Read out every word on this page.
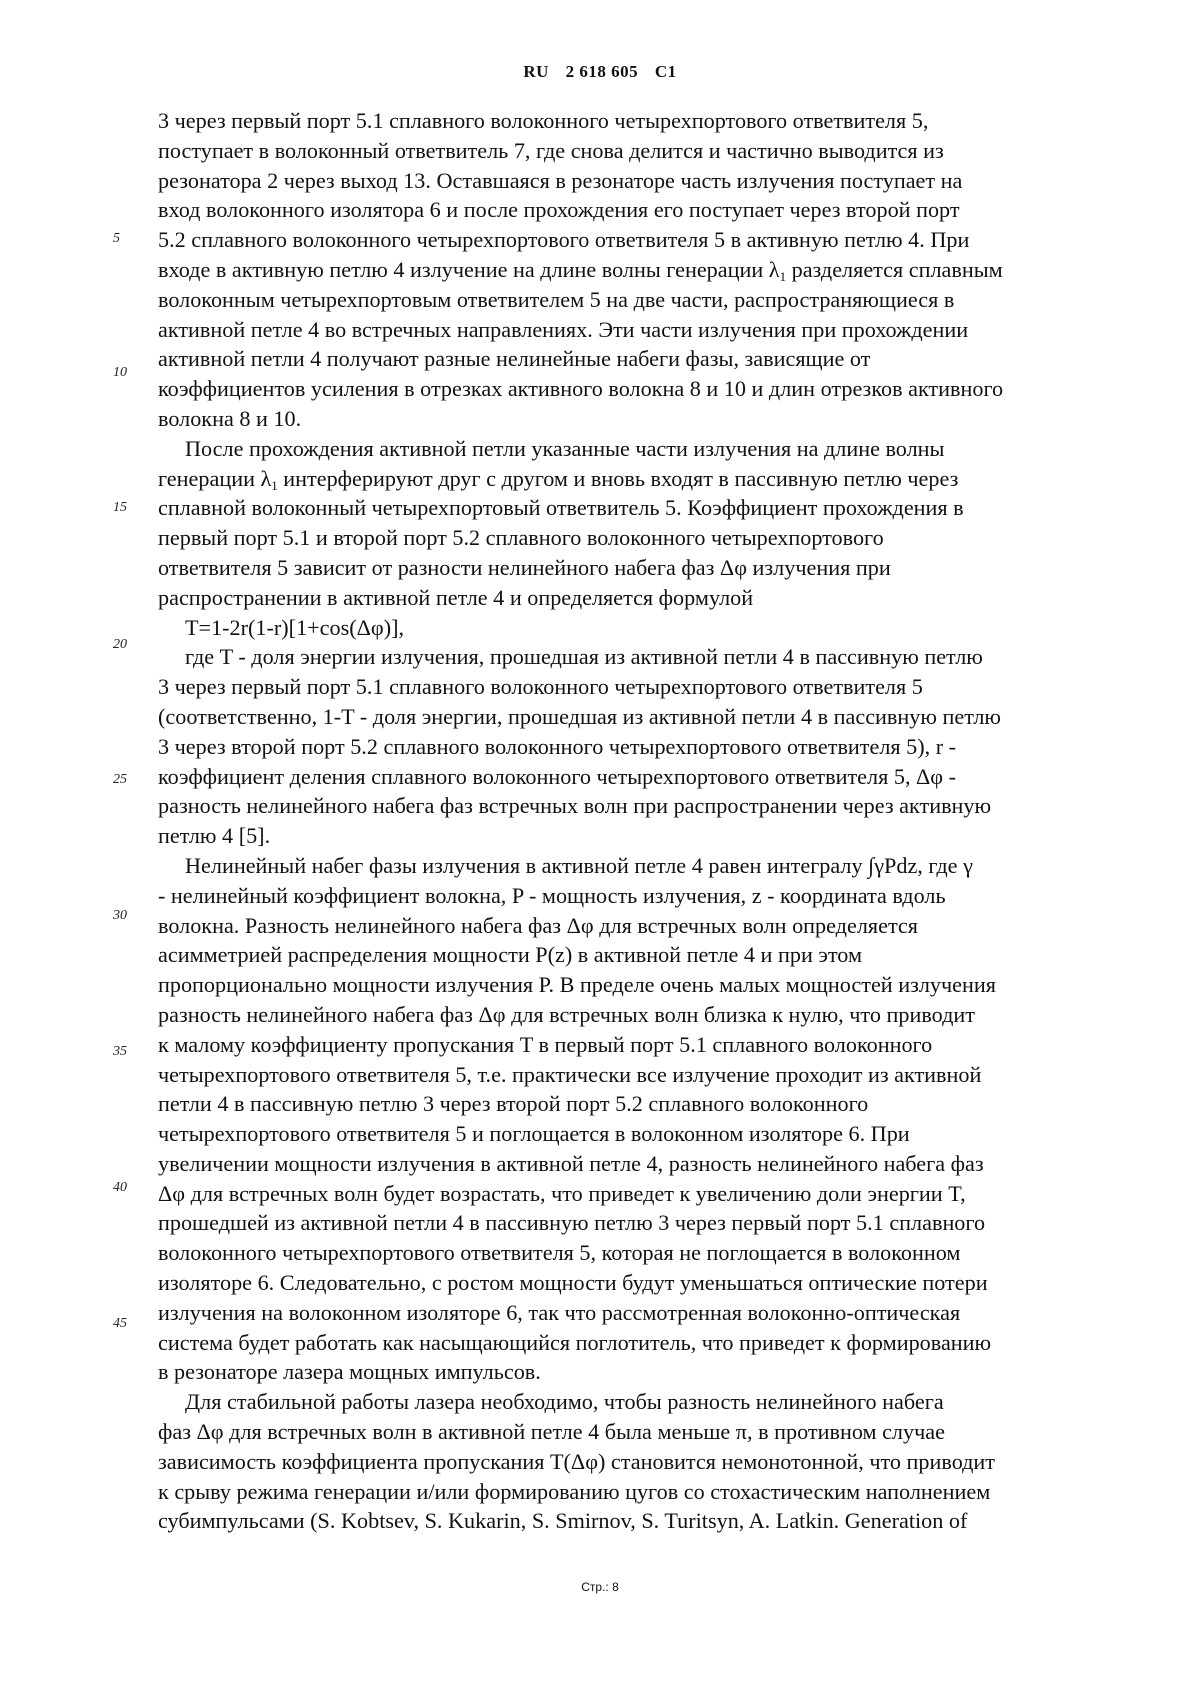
RU 2 618 605 C1
5
10
15
20
25
30
35
40
45
3 через первый порт 5.1 сплавного волоконного четырехпортового ответвителя 5,
поступает в волоконный ответвитель 7, где снова делится и частично выводится из
резонатора 2 через выход 13. Оставшаяся в резонаторе часть излучения поступает на
вход волоконного изолятора 6 и после прохождения его поступает через второй порт
5.2 сплавного волоконного четырехпортового ответвителя 5 в активную петлю 4. При
входе в активную петлю 4 излучение на длине волны генерации $\lambda_1$ разделяется сплавным
волоконным четырехпортовым ответвителем 5 на две части, распространяющиеся в
активной петле 4 во встречных направлениях. Эти части излучения при прохождении
активной петли 4 получают разные нелинейные набеги фазы, зависящие от
коэффициентов усиления в отрезках активного волокна 8 и 10 и длин отрезков активного
волокна 8 и 10.
После прохождения активной петли указанные части излучения на длине волны
генерации $\lambda_1$ интерферируют друг с другом и вновь входят в пассивную петлю через
сплавной волоконный четырехпортовый ответвитель 5. Коэффициент прохождения в
первый порт 5.1 и второй порт 5.2 сплавного волоконного четырехпортового
ответвителя 5 зависит от разности нелинейного набега фаз Δφ излучения при
распространении в активной петле 4 и определяется формулой
T=1-2r(1-r)[1+cos(Δφ)],
где T - доля энергии излучения, прошедшая из активной петли 4 в пассивную петлю
3 через первый порт 5.1 сплавного волоконного четырехпортового ответвителя 5
(соответственно, 1-T - доля энергии, прошедшая из активной петли 4 в пассивную петлю
3 через второй порт 5.2 сплавного волоконного четырехпортового ответвителя 5), r -
коэффициент деления сплавного волоконного четырехпортового ответвителя 5, Δφ -
разность нелинейного набега фаз встречных волн при распространении через активную
петлю 4 [5].
Нелинейный набег фазы излучения в активной петле 4 равен интегралу ∫γPdz, где γ
- нелинейный коэффициент волокна, P - мощность излучения, z - координата вдоль
волокна. Разность нелинейного набега фаз Δφ для встречных волн определяется
асимметрией распределения мощности P(z) в активной петле 4 и при этом
пропорционально мощности излучения P. В пределе очень малых мощностей излучения
разность нелинейного набега фаз Δφ для встречных волн близка к нулю, что приводит
к малому коэффициенту пропускания T в первый порт 5.1 сплавного волоконного
четырехпортового ответвителя 5, т.е. практически все излучение проходит из активной
петли 4 в пассивную петлю 3 через второй порт 5.2 сплавного волоконного
четырехпортового ответвителя 5 и поглощается в волоконном изоляторе 6. При
увеличении мощности излучения в активной петле 4, разность нелинейного набега фаз
Δφ для встречных волн будет возрастать, что приведет к увеличению доли энергии T,
прошедшей из активной петли 4 в пассивную петлю 3 через первый порт 5.1 сплавного
волоконного четырехпортового ответвителя 5, которая не поглощается в волоконном
изоляторе 6. Следовательно, с ростом мощности будут уменьшаться оптические потери
излучения на волоконном изоляторе 6, так что рассмотренная волоконно-оптическая
система будет работать как насыщающийся поглотитель, что приведет к формированию
в резонаторе лазера мощных импульсов.
Для стабильной работы лазера необходимо, чтобы разность нелинейного набега
фаз Δφ для встречных волн в активной петле 4 была меньше π, в противном случае
зависимость коэффициента пропускания T(Δφ) становится немонотонной, что приводит
к срыву режима генерации и/или формированию цугов со стохастическим наполнением
субимпульсами (S. Kobtsev, S. Kukarin, S. Smirnov, S. Turitsyn, A. Latkin. Generation of
Стр.: 8
